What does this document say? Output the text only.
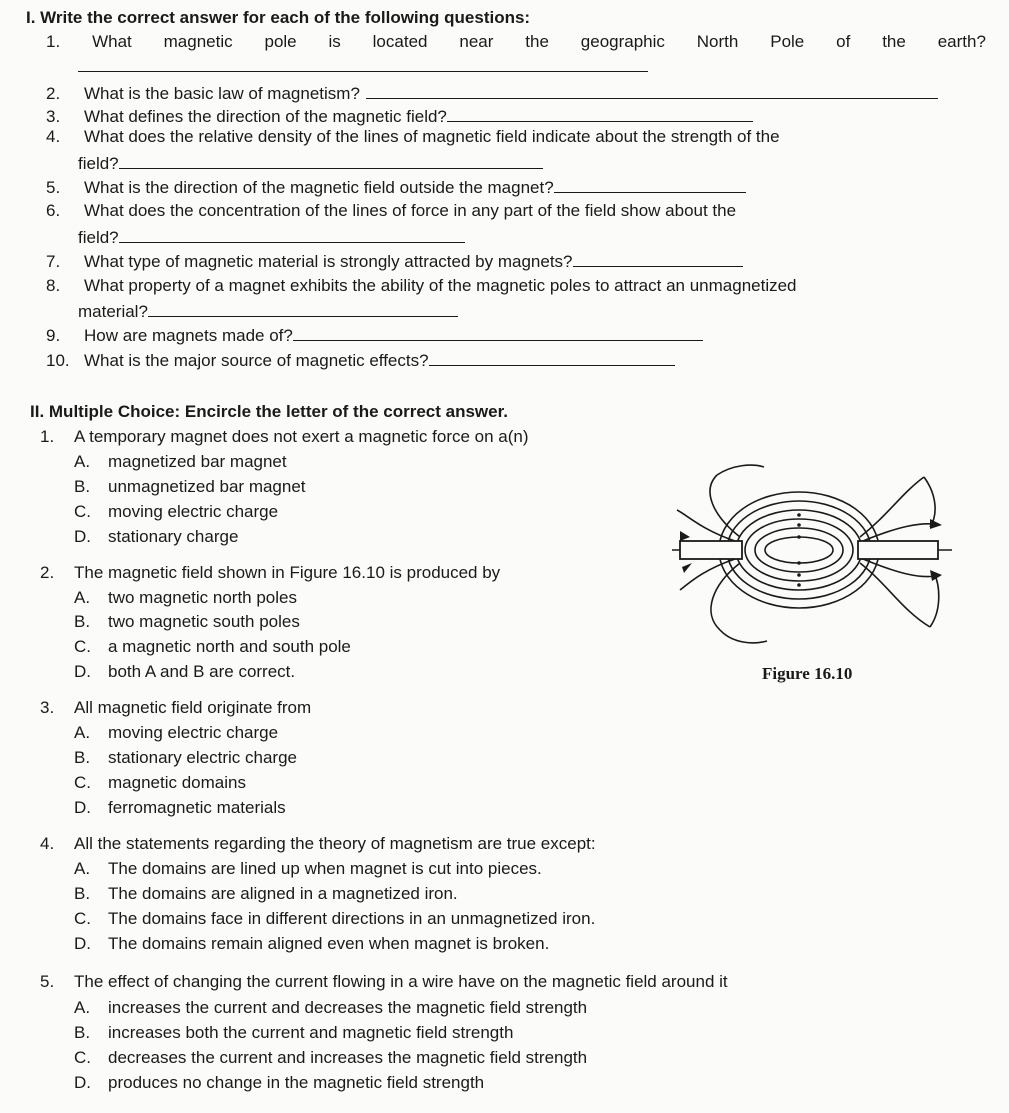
I. Write the correct answer for each of the following questions:
1. What magnetic pole is located near the geographic North Pole of the earth?
2. What is the basic law of magnetism?
3. What defines the direction of the magnetic field?
4. What does the relative density of the lines of magnetic field indicate about the strength of the
field?
5. What is the direction of the magnetic field outside the magnet?
6. What does the concentration of the lines of force in any part of the field show about the
field?
7. What type of magnetic material is strongly attracted by magnets?
8. What property of a magnet exhibits the ability of the magnetic poles to attract an unmagnetized
material?
9. How are magnets made of?
10. What is the major source of magnetic effects?
II. Multiple Choice: Encircle the letter of the correct answer.
1. A temporary magnet does not exert a magnetic force on a(n)
A. magnetized bar magnet
B. unmagnetized bar magnet
C. moving electric charge
D. stationary charge
2. The magnetic field shown in Figure 16.10 is produced by
A. two magnetic north poles
B. two magnetic south poles
C. a magnetic north and south pole
D. both A and B are correct.	Figure 16.10
3. All magnetic field originate from
A. moving electric charge
B. stationary electric charge
C. magnetic domains
D. ferromagnetic materials
4. All the statements regarding the theory of magnetism are true except:
A. The domains are lined up when magnet is cut into pieces.
B. The domains are aligned in a magnetized iron.
C. The domains face in different directions in an unmagnetized iron.
D. The domains remain aligned even when magnet is broken.
5. The effect of changing the current flowing in a wire have on the magnetic field around it
A. increases the current and decreases the magnetic field strength
B. increases both the current and magnetic field strength
C. decreases the current and increases the magnetic field strength
D. produces no change in the magnetic field strength
